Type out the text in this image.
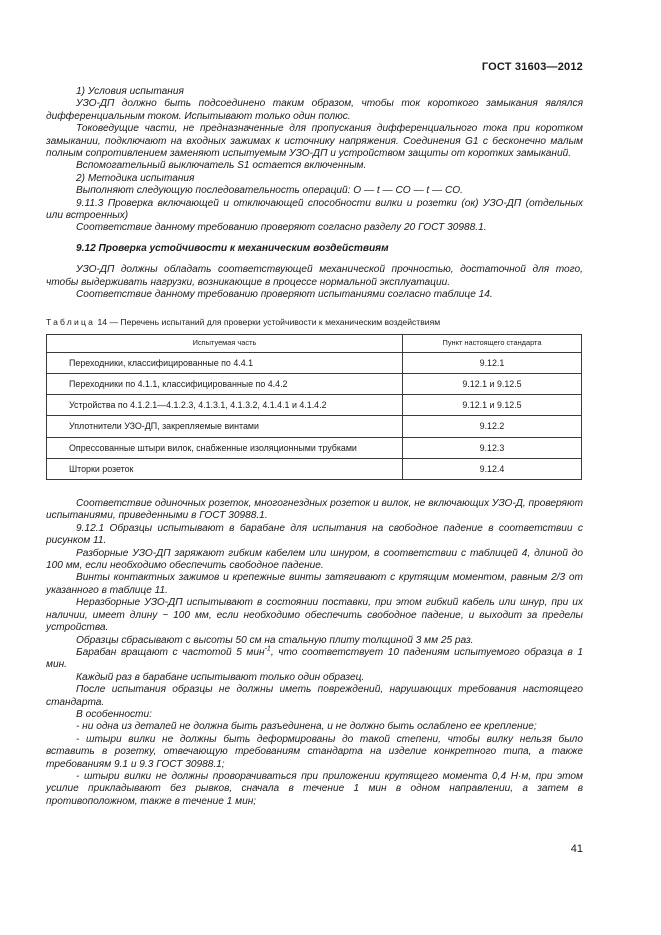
ГОСТ 31603—2012

1) Условия испытания

УЗО-ДП должно быть подсоединено таким образом, чтобы ток короткого замыкания являлся дифференциальным током. Испытывают только один полюс.

Токоведущие части, не предназначенные для пропускания дифференциального тока при коротком замыкании, подключают на входных зажимах к источнику напряжения. Соединения G1 с бесконечно малым полным сопротивлением заменяют испытуемым УЗО-ДП и устройством защиты от коротких замыканий.

Вспомогательный выключатель S1 остается включенным.

2) Методика испытания

Выполняют следующую последовательность операций: О — t — CO — t — CO.

9.11.3 Проверка включающей и отключающей способности вилки и розетки (ок) УЗО-ДП (отдельных или встроенных)

Соответствие данному требованию проверяют согласно разделу 20 ГОСТ 30988.1.

9.12 Проверка устойчивости к механическим воздействиям

УЗО-ДП должны обладать соответствующей механической прочностью, достаточной для того, чтобы выдерживать нагрузки, возникающие в процессе нормальной эксплуатации.

Соответствие данному требованию проверяют испытаниями согласно таблице 14.

Таблица 14 — Перечень испытаний для проверки устойчивости к механическим воздействиям

Испытуемая часть	Пункт настоящего стандарта
Переходники, классифицированные по 4.4.1	9.12.1
Переходники по 4.1.1, классифицированные по 4.4.2	9.12.1 и 9.12.5
Устройства по 4.1.2.1—4.1.2.3, 4.1.3.1, 4.1.3.2, 4.1.4.1 и 4.1.4.2	9.12.1 и 9.12.5
Уплотнители УЗО-ДП, закрепляемые винтами	9.12.2
Опрессованные штыри вилок, снабженные изоляционными трубками	9.12.3
Шторки розеток	9.12.4

Соответствие одиночных розеток, многогнездных розеток и вилок, не включающих УЗО-Д, проверяют испытаниями, приведенными в ГОСТ 30988.1.

9.12.1 Образцы испытывают в барабане для испытания на свободное падение в соответствии с рисунком 11.

Разборные УЗО-ДП заряжают гибким кабелем или шнуром, в соответствии с таблицей 4, длиной до 100 мм, если необходимо обеспечить свободное падение.

Винты контактных зажимов и крепежные винты затягивают с крутящим моментом, равным 2/3 от указанного в таблице 11.

Неразборные УЗО-ДП испытывают в состоянии поставки, при этом гибкий кабель или шнур, при их наличии, имеет длину ~ 100 мм, если необходимо обеспечить свободное падение, и выходит за пределы устройства.

Образцы сбрасывают с высоты 50 см на стальную плиту толщиной 3 мм 25 раз.

Барабан вращают с частотой 5 мин$^{-1}$, что соответствует 10 падениям испытуемого образца в 1 мин.

Каждый раз в барабане испытывают только один образец.

После испытания образцы не должны иметь повреждений, нарушающих требования настоящего стандарта.

В особенности:

- ни одна из деталей не должна быть разъединена, и не должно быть ослаблено ее крепление;

- штыри вилки не должны быть деформированы до такой степени, чтобы вилку нельзя было вставить в розетку, отвечающую требованиям стандарта на изделие конкретного типа, а также требованиям 9.1 и 9.3 ГОСТ 30988.1;

- штыри вилки не должны проворачиваться при приложении крутящего момента 0,4 Н·м, при этом усилие прикладывают без рывков, сначала в течение 1 мин в одном направлении, а затем в противоположном, также в течение 1 мин;

41
